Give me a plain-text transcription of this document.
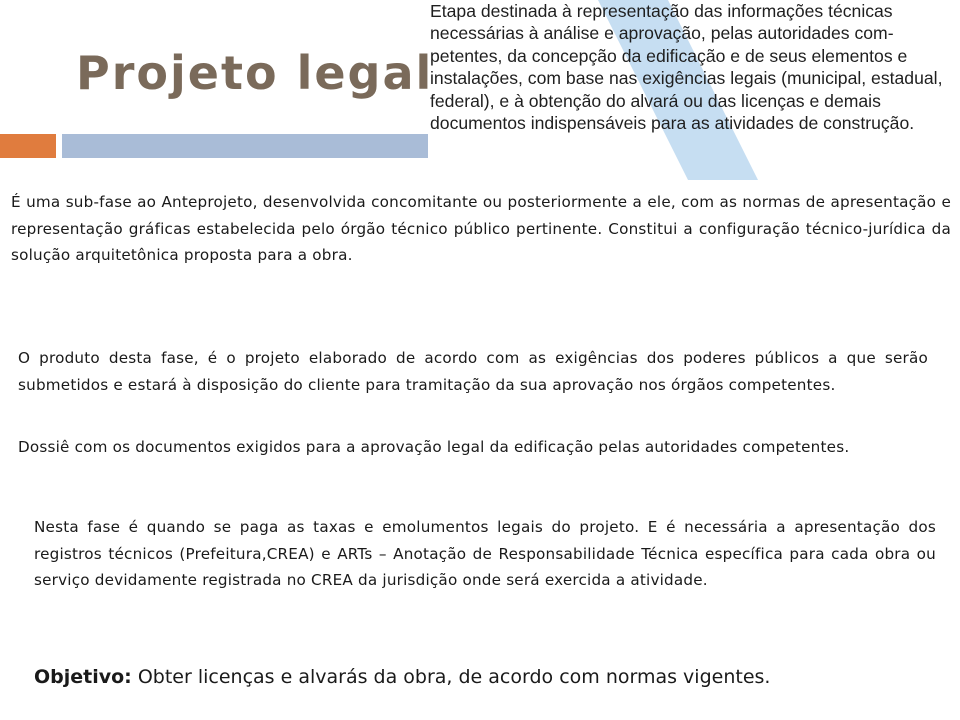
Projeto legal

Etapa destinada à representação das informações técnicas necessárias à análise e aprovação, pelas autoridades com-petentes, da concepção da edificação e de seus elementos e instalações, com base nas exigências legais (municipal, estadual, federal), e à obtenção do alvará ou das licenças e demais documentos indispensáveis para as atividades de construção.

É uma sub-fase ao Anteprojeto, desenvolvida concomitante ou posteriormente a ele, com as normas de apresentação e representação gráficas estabelecida pelo órgão técnico público pertinente. Constitui a configuração técnico-jurídica da solução arquitetônica proposta para a obra.

O produto desta fase, é o projeto elaborado de acordo com as exigências dos poderes públicos a que serão submetidos e estará à disposição do cliente para tramitação da sua aprovação nos órgãos competentes.

Dossiê com os documentos exigidos para a aprovação legal da edificação pelas autoridades competentes.

Nesta fase é quando se paga as taxas e emolumentos legais do projeto. E é necessária a apresentação dos registros técnicos (Prefeitura,CREA) e ARTs – Anotação de Responsabilidade Técnica específica para cada obra ou serviço devidamente registrada no CREA da jurisdição onde será exercida a atividade.

Objetivo: Obter licenças e alvarás da obra, de acordo com normas vigentes.
